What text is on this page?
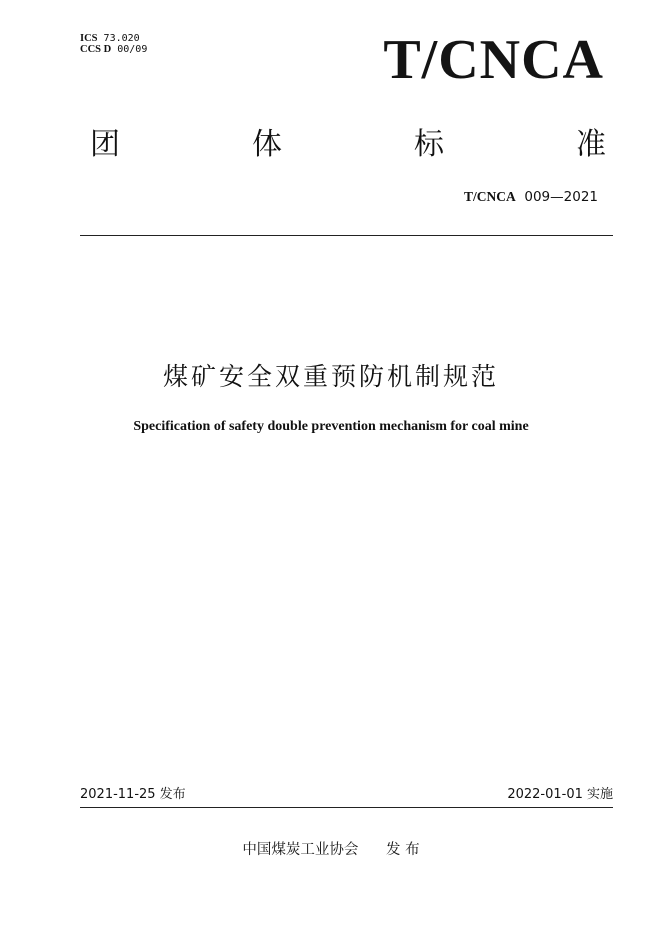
ICS 73.020
CCS D 00/09	T/CNCA
团	体	标	准
T/CNCA 009—2021
煤矿安全双重预防机制规范
Specification of safety double prevention mechanism for coal mine
2021-11-25 发布	2022-01-01 实施
中国煤炭工业协会 发 布
